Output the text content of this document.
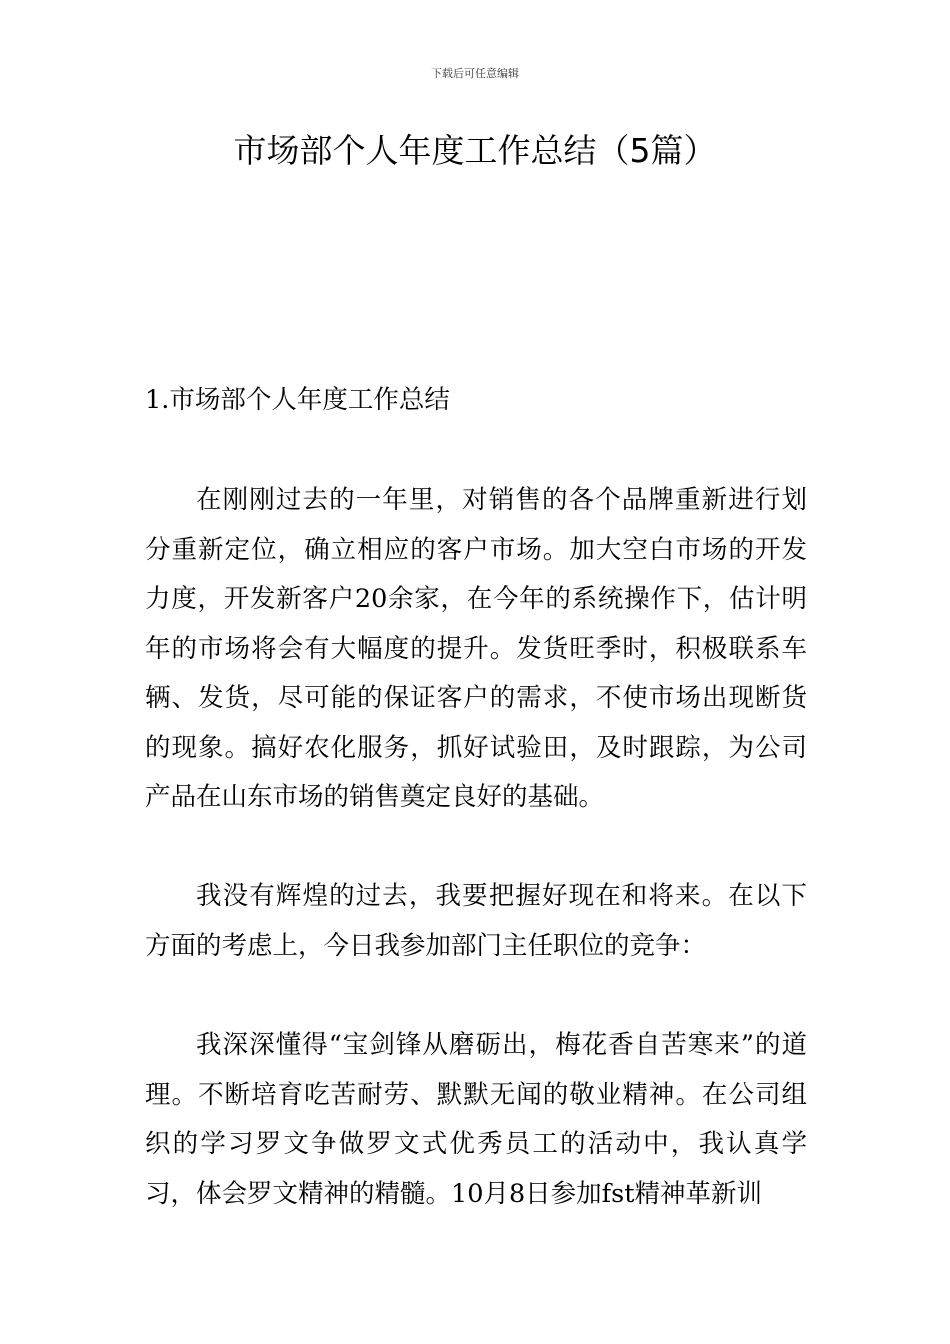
下载后可任意编辑
市场部个人年度工作总结（5篇）
1.市场部个人年度工作总结

在刚刚过去的一年里，对销售的各个品牌重新进行划分重新定位，确立相应的客户市场。加大空白市场的开发力度，开发新客户20余家，在今年的系统操作下，估计明年的市场将会有大幅度的提升。发货旺季时，积极联系车辆、发货，尽可能的保证客户的需求，不使市场出现断货的现象。搞好农化服务，抓好试验田，及时跟踪，为公司产品在山东市场的销售奠定良好的基础。

我没有辉煌的过去，我要把握好现在和将来。在以下方面的考虑上，今日我参加部门主任职位的竞争：

我深深懂得“宝剑锋从磨砺出，梅花香自苦寒来”的道理。不断培育吃苦耐劳、默默无闻的敬业精神。在公司组织的学习罗文争做罗文式优秀员工的活动中，我认真学习，体会罗文精神的精髓。10月8日参加fst精神革新训
